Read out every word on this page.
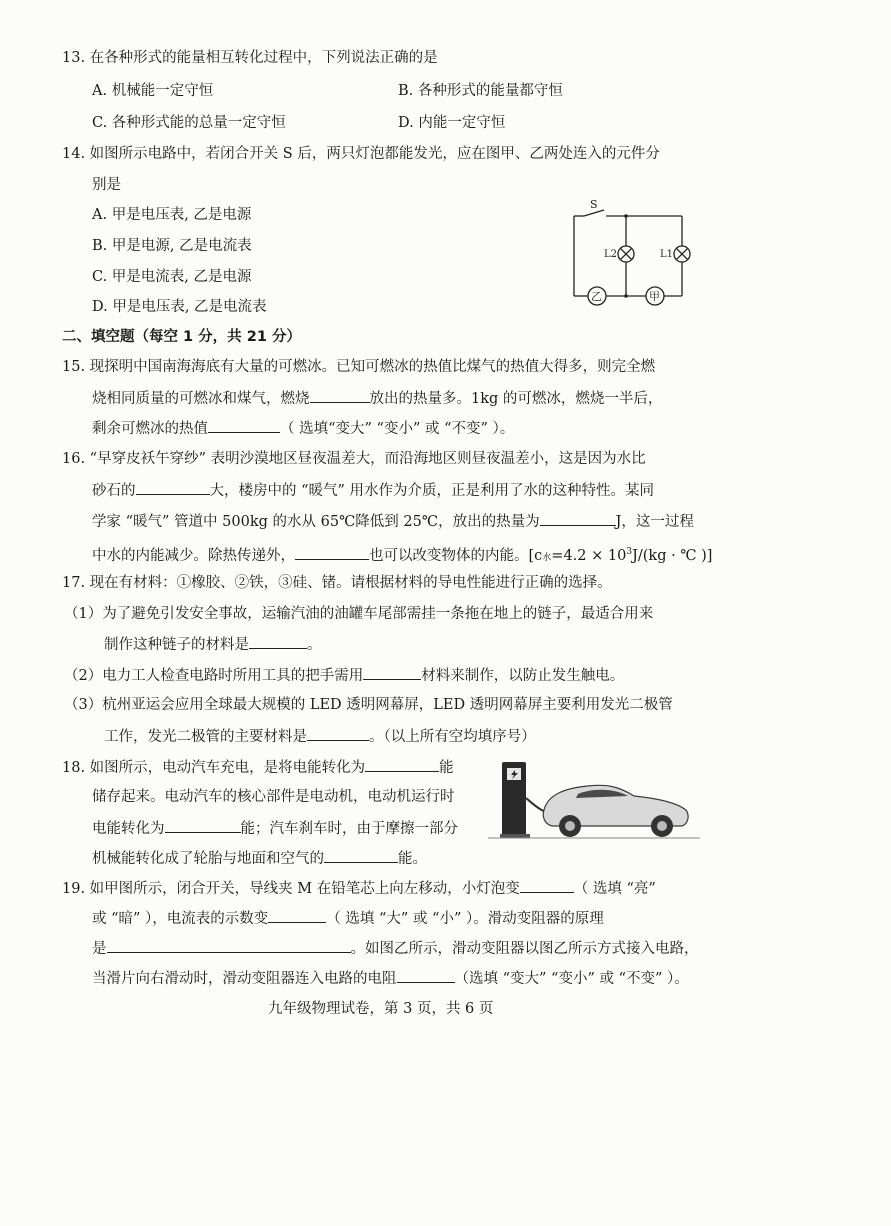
13. 在各种形式的能量相互转化过程中，下列说法正确的是
A. 机械能一定守恒	B. 各种形式的能量都守恒
C. 各种形式能的总量一定守恒	D. 内能一定守恒
14. 如图所示电路中，若闭合开关 S 后，两只灯泡都能发光，应在图甲、乙两处连入的元件分
别是
A. 甲是电压表, 乙是电源
B. 甲是电源, 乙是电流表
C. 甲是电流表, 乙是电源
D. 甲是电压表, 乙是电流表
S
L2	L1
乙	甲
二、填空题（每空 1 分，共 21 分）
15. 现探明中国南海海底有大量的可燃冰。已知可燃冰的热值比煤气的热值大得多，则完全燃
烧相同质量的可燃冰和煤气，燃烧	放出的热量多。1kg 的可燃冰，燃烧一半后，
剩余可燃冰的热值	（ 选填“变大” “变小” 或 “不变” ）。
16. “早穿皮袄午穿纱” 表明沙漠地区昼夜温差大，而沿海地区则昼夜温差小，这是因为水比
砂石的	大，楼房中的 “暖气” 用水作为介质，正是利用了水的这种特性。某同
学家 “暖气” 管道中 500kg 的水从 65℃降低到 25℃，放出的热量为	J，这一过程
中水的内能减少。除热传递外，	也可以改变物体的内能。[c水$=4.2 \times 10^3J/(kg$ · ℃ )]
17. 现在有材料：①橡胶、②铁，③硅、锗。请根据材料的导电性能进行正确的选择。
（1）为了避免引发安全事故，运输汽油的油罐车尾部需挂一条拖在地上的链子，最适合用来
制作这种链子的材料是	。
（2）电力工人检查电路时所用工具的把手需用	材料来制作，以防止发生触电。
（3）杭州亚运会应用全球最大规模的 LED 透明网幕屏，LED 透明网幕屏主要利用发光二极管
工作，发光二极管的主要材料是	。（以上所有空均填序号）
18. 如图所示，电动汽车充电，是将电能转化为	能
储存起来。电动汽车的核心部件是电动机，电动机运行时
电能转化为	能；汽车刹车时，由于摩擦一部分
机械能转化成了轮胎与地面和空气的	能。
19. 如甲图所示，闭合开关，导线夹 M 在铅笔芯上向左移动，小灯泡变	（ 选填 “亮”
或 “暗” ），电流表的示数变	（ 选填 “大” 或 “小” ）。滑动变阻器的原理
是	。如图乙所示，滑动变阻器以图乙所示方式接入电路，
当滑片向右滑动时，滑动变阻器连入电路的电阻	（选填 “变大” “变小” 或 “不变” ）。
九年级物理试卷，第 3 页，共 6 页
